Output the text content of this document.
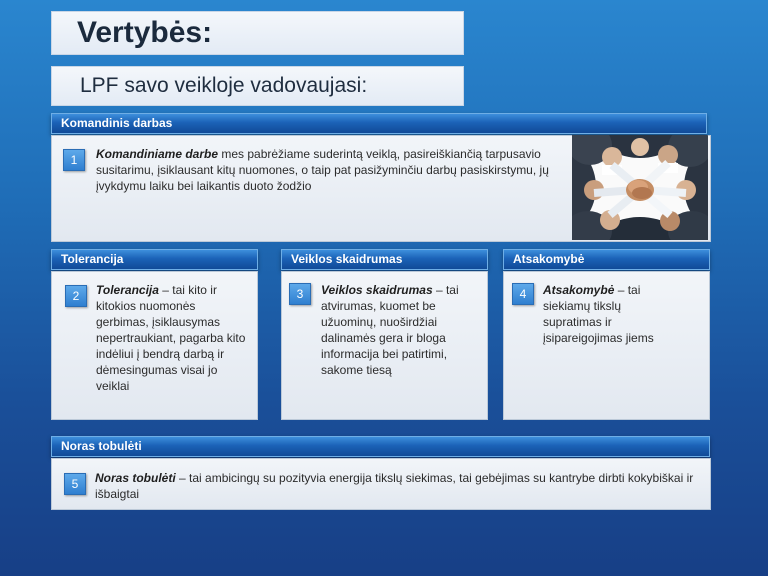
Vertybės:
LPF savo veikloje vadovaujasi:
Komandinis darbas
1	Komandiniame darbe mes pabrėžiame suderintą veiklą, pasireiškiančią tarpusavio susitarimu, įsiklausant kitų nuomones, o taip pat pasižyminčiu darbų pasiskirstymu, jų įvykdymu laiku bei laikantis duoto žodžio
Tolerancija
2	Tolerancija – tai kito ir kitokios nuomonės gerbimas, įsiklausymas nepertraukiant, pagarba kito indėliui į bendrą darbą ir dėmesingumas visai jo veiklai
Veiklos skaidrumas
3	Veiklos skaidrumas – tai atvirumas, kuomet be užuominų, nuoširdžiai dalinamės gera ir bloga informacija bei patirtimi, sakome tiesą
Atsakomybė
4	Atsakomybė – tai siekiamų tikslų supratimas ir įsipareigojimas jiems
Noras tobulėti
5	Noras tobulėti – tai ambicingų su pozityvia energija tikslų siekimas, tai gebėjimas su kantrybe dirbti kokybiškai ir išbaigtai
